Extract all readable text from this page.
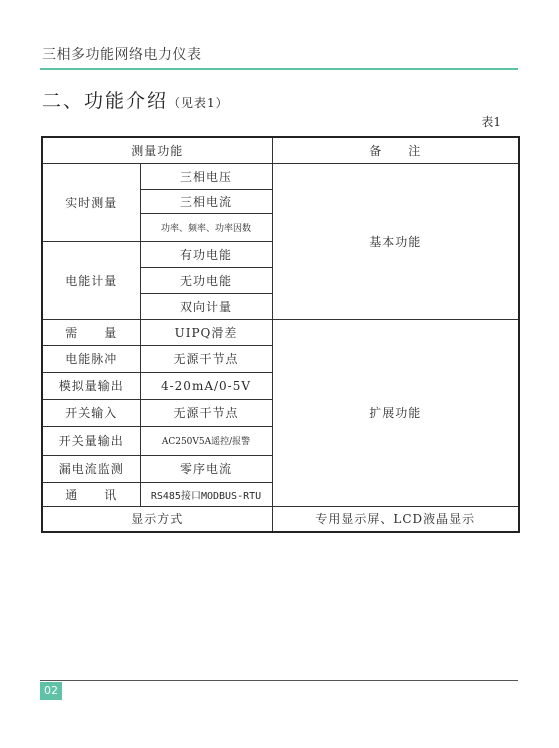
三相多功能网络电力仪表
二、功能介绍（见表1）
表1
测量功能		备　　注
实时测量	三相电压	基本功能
	三相电流	
	功率、频率、功率因数	
电能计量	有功电能	
	无功电能	
	双向计量	
需　　量	UIPQ滑差	扩展功能
电能脉冲	无源干节点	
模拟量输出	4-20mA/0-5V	
开关输入	无源干节点	
开关量输出	AC250V5A遥控/报警	
漏电流监测	零序电流	
通　　讯	RS485接口MODBUS-RTU	
显示方式		专用显示屏、LCD液晶显示
02
